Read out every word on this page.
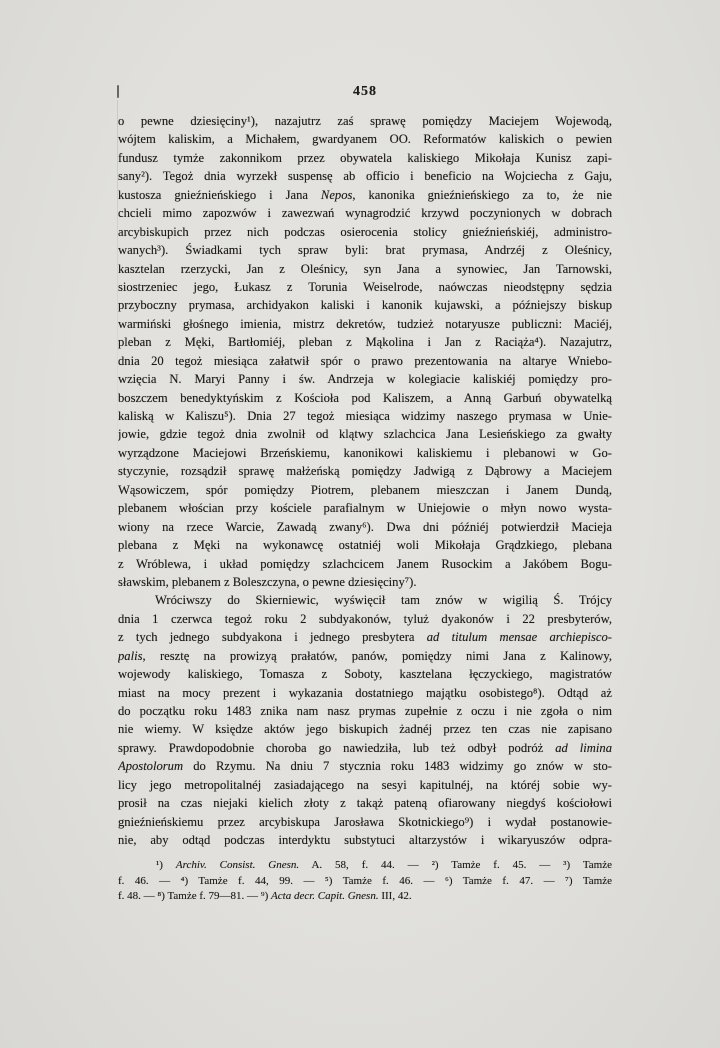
458
o pewne dziesięciny¹), nazajutrz zaś sprawę pomiędzy Maciejem Wojewodą,
wójtem kaliskim, a Michałem, gwardyanem OO. Reformatów kaliskich o pewien
fundusz tymże zakonnikom przez obywatela kaliskiego Mikołaja Kunisz zapi-
sany²). Tegoż dnia wyrzekł suspensę ab officio i beneficio na Wojciecha z Gaju,
kustosza gnieźnieńskiego i Jana Nepos, kanonika gnieźnieńskiego za to, że nie
chcieli mimo zapozwów i zawezwań wynagrodzić krzywd poczynionych w dobrach
arcybiskupich przez nich podczas osierocenia stolicy gnieźnieńskiéj, administro-
wanych³). Świadkami tych spraw byli: brat prymasa, Andrzéj z Oleśnicy,
kasztelan rzerzycki, Jan z Oleśnicy, syn Jana a synowiec, Jan Tarnowski,
siostrzeniec jego, Łukasz z Torunia Weiselrode, naówczas nieodstępny sędzia
przyboczny prymasa, archidyakon kaliski i kanonik kujawski, a późniejszy biskup
warmiński głośnego imienia, mistrz dekretów, tudzież notaryusze publiczni: Maciéj,
pleban z Męki, Bartłomiéj, pleban z Mąkolina i Jan z Raciąża⁴). Nazajutrz,
dnia 20 tegoż miesiąca załatwił spór o prawo prezentowania na altarye Wniebo-
wzięcia N. Maryi Panny i św. Andrzeja w kolegiacie kaliskiéj pomiędzy pro-
boszczem benedyktyńskim z Kościoła pod Kaliszem, a Anną Garbuń obywatelką
kaliską w Kaliszu⁵). Dnia 27 tegoż miesiąca widzimy naszego prymasa w Unie-
jowie, gdzie tegoż dnia zwolnił od klątwy szlachcica Jana Lesieńskiego za gwałty
wyrządzone Maciejowi Brzeńskiemu, kanonikowi kaliskiemu i plebanowi w Go-
styczynie, rozsądził sprawę małżeńską pomiędzy Jadwigą z Dąbrowy a Maciejem
Wąsowiczem, spór pomiędzy Piotrem, plebanem mieszczan i Janem Dundą,
plebanem włościan przy kościele parafialnym w Uniejowie o młyn nowo wysta-
wiony na rzece Warcie, Zawadą zwany⁶). Dwa dni późniéj potwierdził Macieja
plebana z Męki na wykonawcę ostatniéj woli Mikołaja Grądzkiego, plebana
z Wróblewa, i układ pomiędzy szlachcicem Janem Rusockim a Jakóbem Bogu-
sławskim, plebanem z Boleszczyna, o pewne dziesięciny⁷).
Wróciwszy do Skierniewic, wyświęcił tam znów w wigilią Ś. Trójcy
dnia 1 czerwca tegoż roku 2 subdyakonów, tyluż dyakonów i 22 presbyterów,
z tych jednego subdyakona i jednego presbytera ad titulum mensae archiepisco-
palis, resztę na prowizyą prałatów, panów, pomiędzy nimi Jana z Kalinowy,
wojewody kaliskiego, Tomasza z Soboty, kasztelana łęczyckiego, magistratów
miast na mocy prezent i wykazania dostatniego majątku osobistego⁸). Odtąd aż
do początku roku 1483 znika nam nasz prymas zupełnie z oczu i nie zgoła o nim
nie wiemy. W księdze aktów jego biskupich żadnéj przez ten czas nie zapisano
sprawy. Prawdopodobnie choroba go nawiedziła, lub też odbył podróż ad limina
Apostolorum do Rzymu. Na dniu 7 stycznia roku 1483 widzimy go znów w sto-
licy jego metropolitalnéj zasiadającego na sesyi kapitulnéj, na któréj sobie wy-
prosił na czas niejaki kielich złoty z takąż pateną ofiarowany niegdyś kościołowi
gnieźnieńskiemu przez arcybiskupa Jarosława Skotnickiego⁹) i wydał postanowie-
nie, aby odtąd podczas interdyktu substytuci altarzystów i wikaryuszów odpra-
¹) Archiv. Consist. Gnesn. A. 58, f. 44. — ²) Tamże f. 45. — ³) Tamże
f. 46. — ⁴) Tamże f. 44, 99. — ⁵) Tamże f. 46. — ⁶) Tamże f. 47. — ⁷) Tamże
f. 48. — ⁸) Tamże f. 79—81. — ⁹) Acta decr. Capit. Gnesn. III, 42.
